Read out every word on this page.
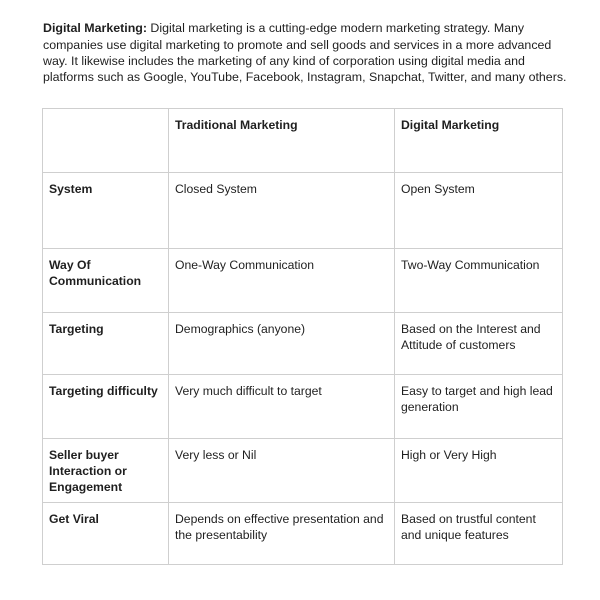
Digital Marketing: Digital marketing is a cutting-edge modern marketing strategy. Many companies use digital marketing to promote and sell goods and services in a more advanced way. It likewise includes the marketing of any kind of corporation using digital media and platforms such as Google, YouTube, Facebook, Instagram, Snapchat, Twitter, and many others.

	Traditional Marketing	Digital Marketing
System	Closed System	Open System
Way Of Communication	One-Way Communication	Two-Way Communication
Targeting	Demographics (anyone)	Based on the Interest and Attitude of customers
Targeting difficulty	Very much difficult to target	Easy to target and high lead generation
Seller buyer Interaction or Engagement	Very less or Nil	High or Very High
Get Viral	Depends on effective presentation and the presentability	Based on trustful content and unique features
